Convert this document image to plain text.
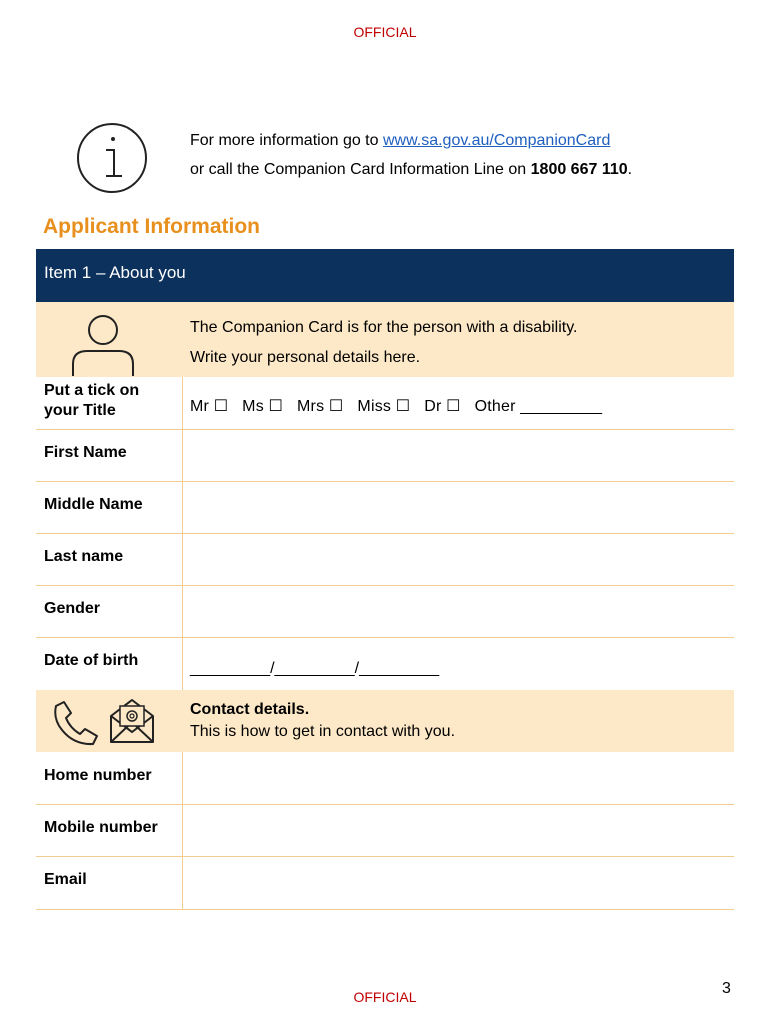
OFFICIAL
For more information go to www.sa.gov.au/CompanionCard
or call the Companion Card Information Line on 1800 667 110.
Applicant Information
Item 1 – About you
The Companion Card is for the person with a disability.
Write your personal details here.
Put a tick on
your Title	Mr ☐   Ms ☐   Mrs ☐   Miss ☐   Dr ☐   Other _________
First Name
Middle Name
Last name
Gender
Date of birth	_________/_________/_________
Contact details.
This is how to get in contact with you.
Home number
Mobile number
Email
3
OFFICIAL
